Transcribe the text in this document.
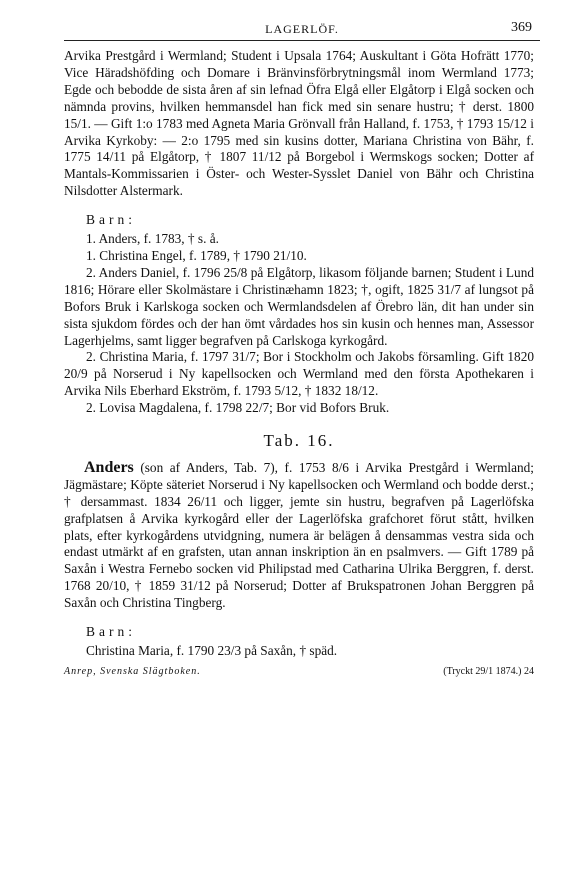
LAGERLÖF.	369

Arvika Prestgård i Wermland; Student i Upsala 1764; Auskultant i Göta Hofrätt 1770; Vice Häradshöfding och Domare i Bränvinsförbrytningsmål inom Wermland 1773; Egde och bebodde de sista åren af sin lefnad Öfra Elgå eller Elgåtorp i Elgå socken och nämnda provins, hvilken hemmansdel han fick med sin senare hustru; † derst. 1800 15/1. — Gift 1:o 1783 med Agneta Maria Grönvall från Halland, f. 1753, † 1793 15/12 i Arvika Kyrkoby: — 2:o 1795 med sin kusins dotter, Mariana Christina von Bähr, f. 1775 14/11 på Elgåtorp, † 1807 11/12 på Borgebol i Wermskogs socken; Dotter af Mantals-Kommissarien i Öster- och Wester-Sysslet Daniel von Bähr och Christina Nilsdotter Alstermark.

Barn:

1. Anders, f. 1783, † s. å.

1. Christina Engel, f. 1789, † 1790 21/10.

2. Anders Daniel, f. 1796 25/8 på Elgåtorp, likasom följande barnen; Student i Lund 1816; Hörare eller Skolmästare i Christinæhamn 1823; †, ogift, 1825 31/7 af lungsot på Bofors Bruk i Karlskoga socken och Wermlandsdelen af Örebro län, dit han under sin sista sjukdom fördes och der han ömt vårdades hos sin kusin och hennes man, Assessor Lagerhjelms, samt ligger begrafven på Carlskoga kyrkogård.

2. Christina Maria, f. 1797 31/7; Bor i Stockholm och Jakobs församling. Gift 1820 20/9 på Norserud i Ny kapellsocken och Wermland med den första Apothekaren i Arvika Nils Eberhard Ekström, f. 1793 5/12, † 1832 18/12.

2. Lovisa Magdalena, f. 1798 22/7; Bor vid Bofors Bruk.

Tab. 16.

Anders (son af Anders, Tab. 7), f. 1753 8/6 i Arvika Prestgård i Wermland; Jägmästare; Köpte säteriet Norserud i Ny kapellsocken och Wermland och bodde derst.; † dersammast. 1834 26/11 och ligger, jemte sin hustru, begrafven på Lagerlöfska grafplatsen å Arvika kyrkogård eller der Lagerlöfska grafchoret förut stått, hvilken plats, efter kyrkogårdens utvidgning, numera är belägen å densammas vestra sida och endast utmärkt af en grafsten, utan annan inskription än en psalmvers. — Gift 1789 på Saxån i Westra Fernebo socken vid Philipstad med Catharina Ulrika Berggren, f. derst. 1768 20/10, † 1859 31/12 på Norserud; Dotter af Brukspatronen Johan Berggren på Saxån och Christina Tingberg.

Barn:

Christina Maria, f. 1790 23/3 på Saxån, † späd.

Anrep, Svenska Slägtboken.	(Tryckt 29/1 1874.) 24
